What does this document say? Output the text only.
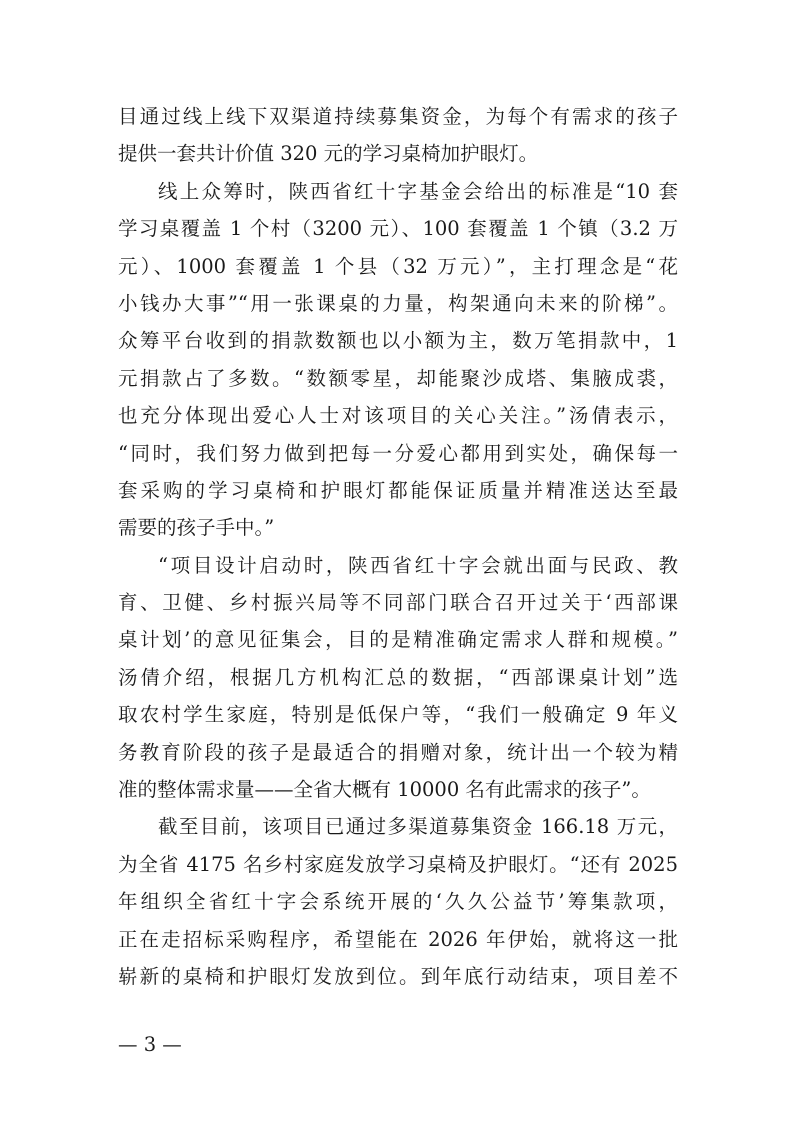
目通过线上线下双渠道持续募集资金，为每个有需求的孩子
提供一套共计价值 320 元的学习桌椅加护眼灯。
线上众筹时，陕西省红十字基金会给出的标准是“10 套
学习桌覆盖 1 个村（3200 元）、100 套覆盖 1 个镇（3.2 万
元）、1000 套覆盖 1 个县（32 万元）”，主打理念是“花
小钱办大事”“用一张课桌的力量，构架通向未来的阶梯”。
众筹平台收到的捐款数额也以小额为主，数万笔捐款中，1
元捐款占了多数。“数额零星，却能聚沙成塔、集腋成裘，
也充分体现出爱心人士对该项目的关心关注。”汤倩表示，
“同时，我们努力做到把每一分爱心都用到实处，确保每一
套采购的学习桌椅和护眼灯都能保证质量并精准送达至最
需要的孩子手中。”
“项目设计启动时，陕西省红十字会就出面与民政、教
育、卫健、乡村振兴局等不同部门联合召开过关于‘西部课
桌计划’的意见征集会，目的是精准确定需求人群和规模。”
汤倩介绍，根据几方机构汇总的数据，“西部课桌计划”选
取农村学生家庭，特别是低保户等，“我们一般确定 9 年义
务教育阶段的孩子是最适合的捐赠对象，统计出一个较为精
准的整体需求量——全省大概有 10000 名有此需求的孩子”。
截至目前，该项目已通过多渠道募集资金 166.18 万元，
为全省 4175 名乡村家庭发放学习桌椅及护眼灯。“还有 2025
年组织全省红十字会系统开展的‘久久公益节’筹集款项，
正在走招标采购程序，希望能在 2026 年伊始，就将这一批
崭新的桌椅和护眼灯发放到位。到年底行动结束，项目差不
— 3 —
